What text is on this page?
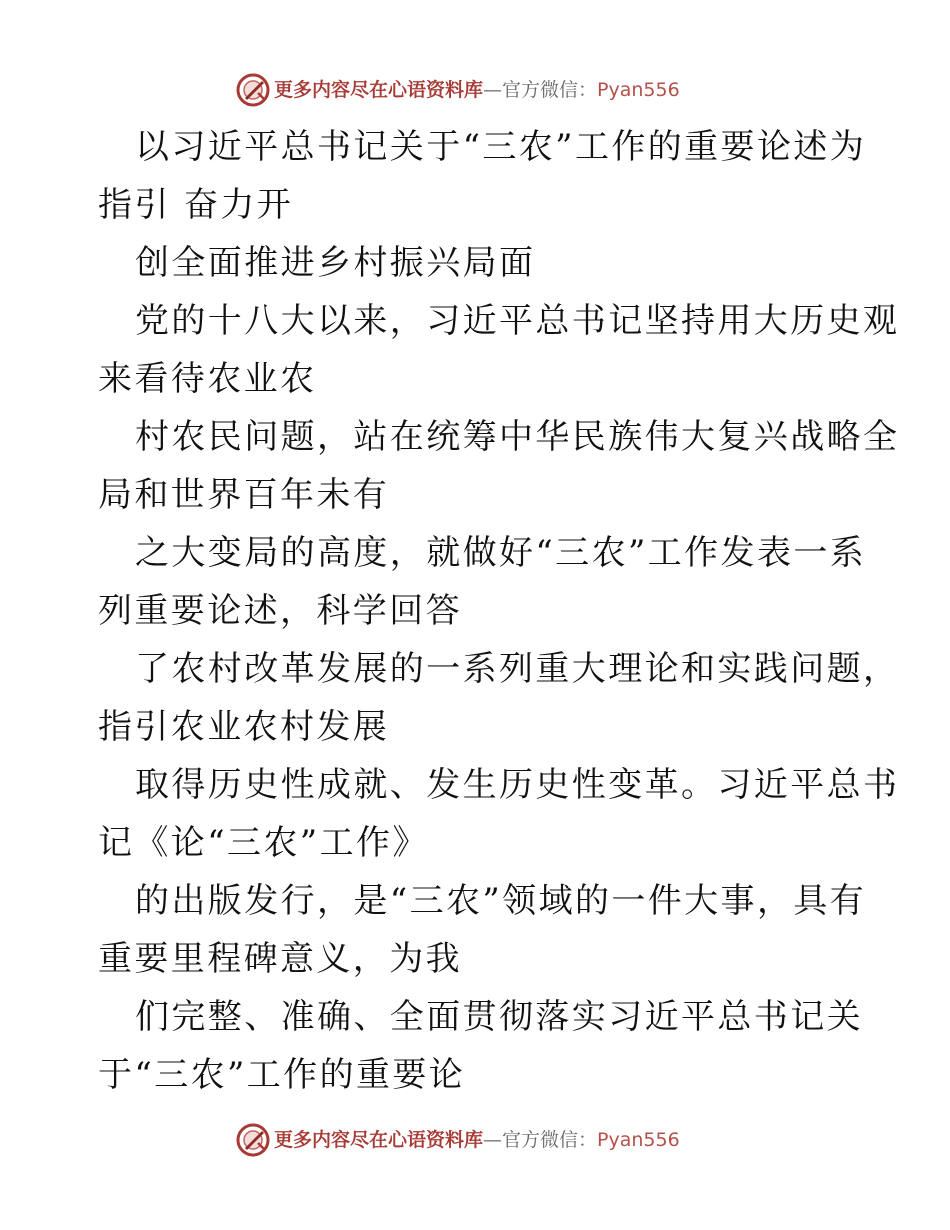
更多内容尽在心语资料库 — 官方微信： Pyan556
以习近平总书记关于“三农”工作的重要论述为
指引 奋力开
创全面推进乡村振兴局面
党的十八大以来，习近平总书记坚持用大历史观
来看待农业农
村农民问题，站在统筹中华民族伟大复兴战略全
局和世界百年未有
之大变局的高度，就做好“三农”工作发表一系
列重要论述，科学回答
了农村改革发展的一系列重大理论和实践问题，
指引农业农村发展
取得历史性成就、发生历史性变革。习近平总书
记《论“三农”工作》
的出版发行，是“三农”领域的一件大事，具有
重要里程碑意义，为我
们完整、准确、全面贯彻落实习近平总书记关
于“三农”工作的重要论
更多内容尽在心语资料库 — 官方微信： Pyan556
